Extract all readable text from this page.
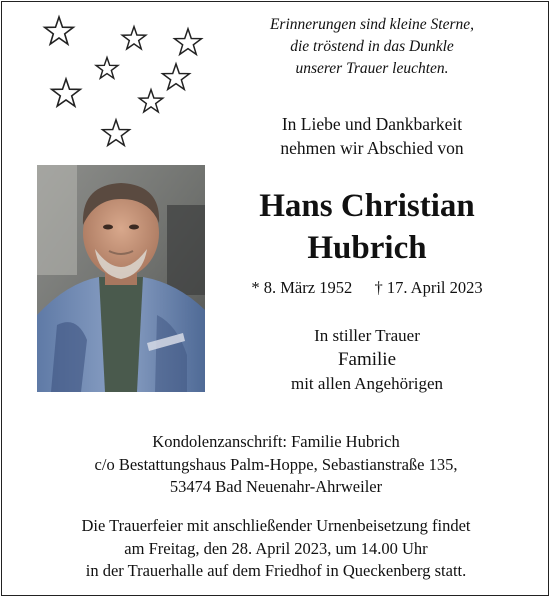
Erinnerungen sind kleine Sterne,
die tröstend in das Dunkle
unserer Trauer leuchten.
In Liebe und Dankbarkeit
nehmen wir Abschied von
Hans Christian
Hubrich
* 8. März 1952 † 17. April 2023
In stiller Trauer
Familie
mit allen Angehörigen
Kondolenzanschrift: Familie Hubrich
c/o Bestattungshaus Palm-Hoppe, Sebastianstraße 135,
53474 Bad Neuenahr-Ahrweiler
Die Trauerfeier mit anschließender Urnenbeisetzung findet
am Freitag, den 28. April 2023, um 14.00 Uhr
in der Trauerhalle auf dem Friedhof in Queckenberg statt.
